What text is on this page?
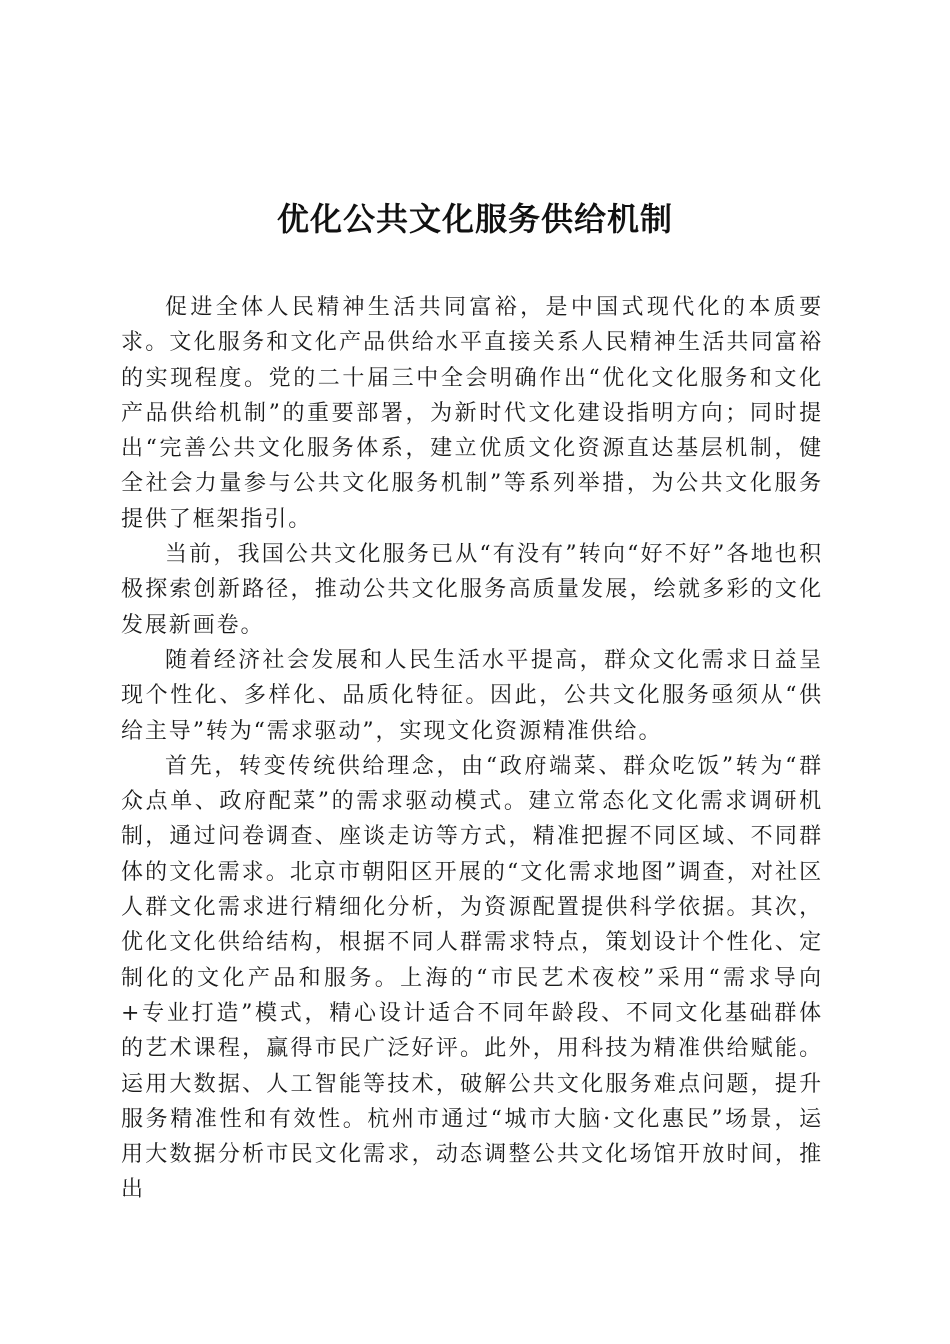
优化公共文化服务供给机制

促进全体人民精神生活共同富裕，是中国式现代化的本质要求。文化服务和文化产品供给水平直接关系人民精神生活共同富裕的实现程度。党的二十届三中全会明确作出“优化文化服务和文化产品供给机制”的重要部署，为新时代文化建设指明方向；同时提出“完善公共文化服务体系，建立优质文化资源直达基层机制，健全社会力量参与公共文化服务机制”等系列举措，为公共文化服务提供了框架指引。

当前，我国公共文化服务已从“有没有”转向“好不好”各地也积极探索创新路径，推动公共文化服务高质量发展，绘就多彩的文化发展新画卷。

随着经济社会发展和人民生活水平提高，群众文化需求日益呈现个性化、多样化、品质化特征。因此，公共文化服务亟须从“供给主导”转为“需求驱动”，实现文化资源精准供给。

首先，转变传统供给理念，由“政府端菜、群众吃饭”转为“群众点单、政府配菜”的需求驱动模式。建立常态化文化需求调研机制，通过问卷调查、座谈走访等方式，精准把握不同区域、不同群体的文化需求。北京市朝阳区开展的“文化需求地图”调查，对社区人群文化需求进行精细化分析，为资源配置提供科学依据。其次，优化文化供给结构，根据不同人群需求特点，策划设计个性化、定制化的文化产品和服务。上海的“市民艺术夜校”采用“需求导向+专业打造”模式，精心设计适合不同年龄段、不同文化基础群体的艺术课程，赢得市民广泛好评。此外，用科技为精准供给赋能。运用大数据、人工智能等技术，破解公共文化服务难点问题，提升服务精准性和有效性。杭州市通过“城市大脑·文化惠民”场景，运用大数据分析市民文化需求，动态调整公共文化场馆开放时间，推出
